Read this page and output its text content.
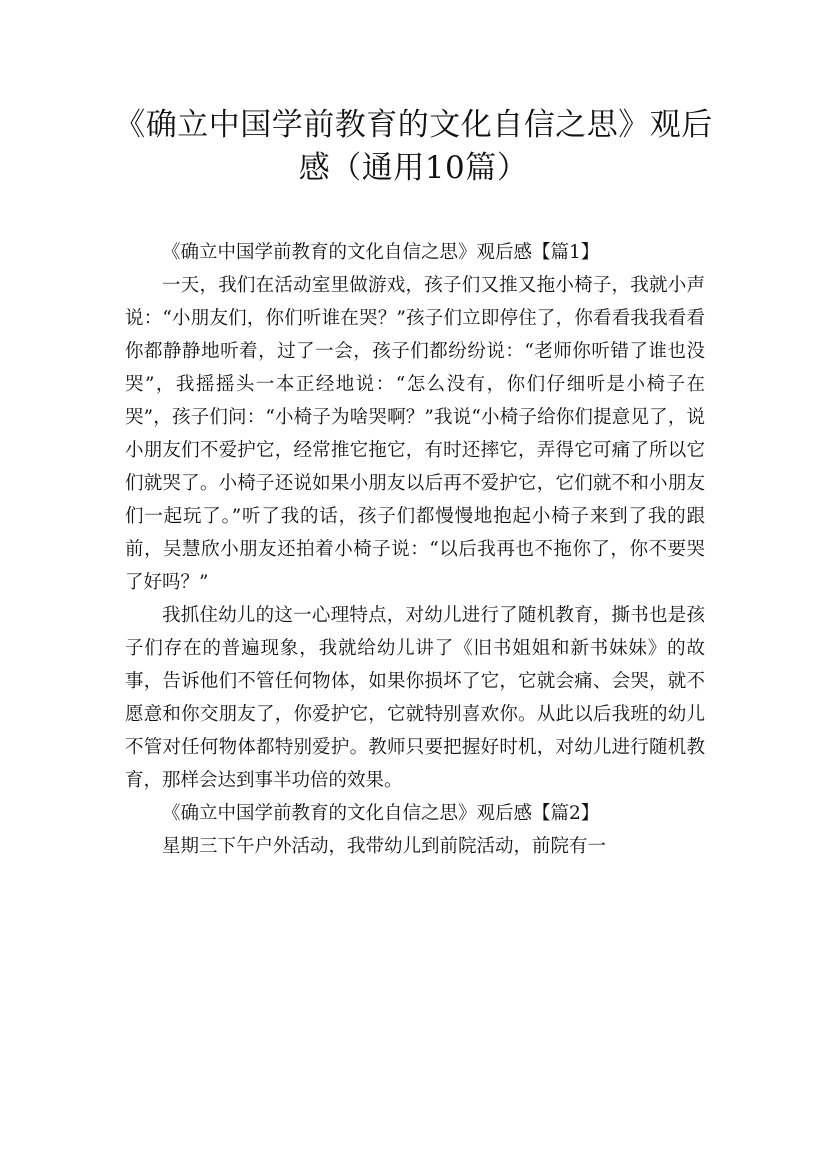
《确立中国学前教育的文化自信之思》观后
感（通用10篇）

《确立中国学前教育的文化自信之思》观后感【篇1】

一天，我们在活动室里做游戏，孩子们又推又拖小椅子，我就小声说：“小朋友们，你们听谁在哭？”孩子们立即停住了，你看看我我看看你都静静地听着，过了一会，孩子们都纷纷说：“老师你听错了谁也没哭”，我摇摇头一本正经地说：“怎么没有，你们仔细听是小椅子在哭”，孩子们问：“小椅子为啥哭啊？”我说“小椅子给你们提意见了，说小朋友们不爱护它，经常推它拖它，有时还摔它，弄得它可痛了所以它们就哭了。小椅子还说如果小朋友以后再不爱护它，它们就不和小朋友们一起玩了。”听了我的话，孩子们都慢慢地抱起小椅子来到了我的跟前，吴慧欣小朋友还拍着小椅子说：“以后我再也不拖你了，你不要哭了好吗？”

我抓住幼儿的这一心理特点，对幼儿进行了随机教育，撕书也是孩子们存在的普遍现象，我就给幼儿讲了《旧书姐姐和新书妹妹》的故事，告诉他们不管任何物体，如果你损坏了它，它就会痛、会哭，就不愿意和你交朋友了，你爱护它，它就特别喜欢你。从此以后我班的幼儿不管对任何物体都特别爱护。教师只要把握好时机，对幼儿进行随机教育，那样会达到事半功倍的效果。

《确立中国学前教育的文化自信之思》观后感【篇2】

星期三下午户外活动，我带幼儿到前院活动，前院有一
